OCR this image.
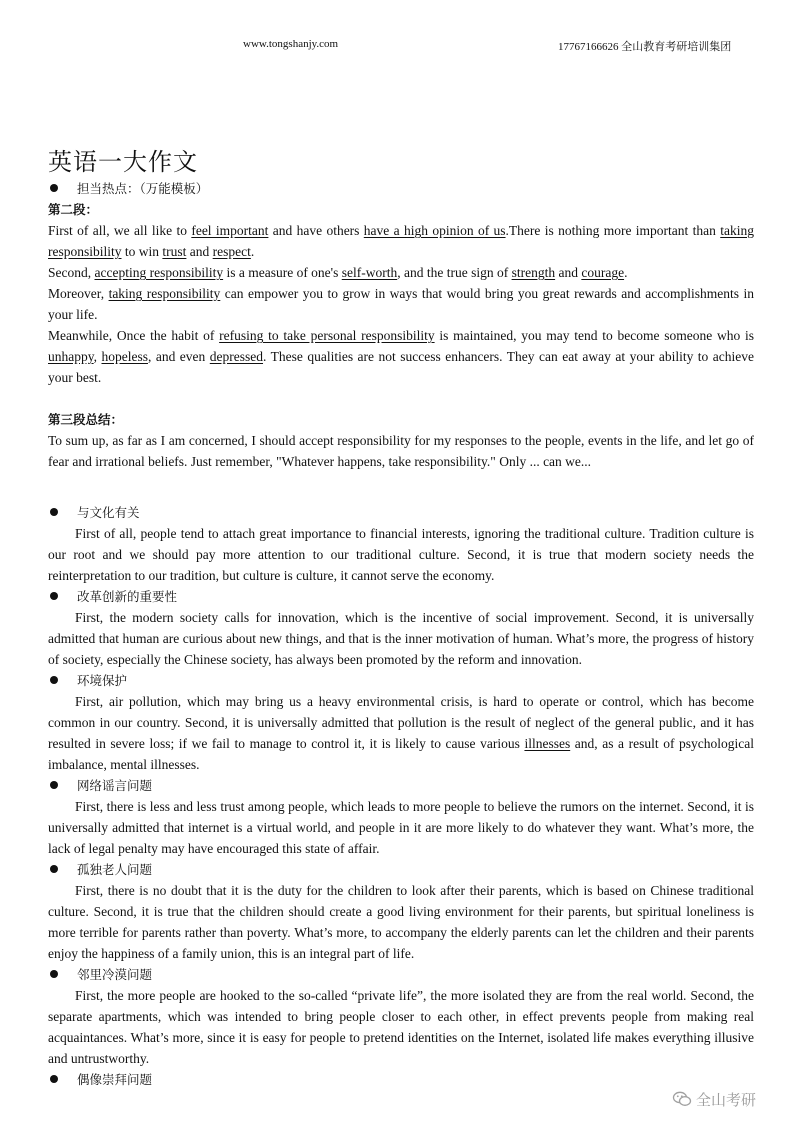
www.tongshanjy.com	17767166626 全山教育考研培训集团
英语一大作文
担当热点：（万能模板）
第二段：

First of all, we all like to feel important and have others have a high opinion of us.There is nothing more important than taking responsibility to win trust and respect.

Second, accepting responsibility is a measure of one's self-worth, and the true sign of strength and courage.

Moreover, taking responsibility can empower you to grow in ways that would bring you great rewards and accomplishments in your life.

Meanwhile, Once the habit of refusing to take personal responsibility is maintained, you may tend to become someone who is unhappy, hopeless, and even depressed. These qualities are not success enhancers. They can eat away at your ability to achieve your best.

第三段总结：

To sum up, as far as I am concerned, I should accept responsibility for my responses to the people, events in the life, and let go of fear and irrational beliefs. Just remember, "Whatever happens, take responsibility." Only ... can we...

与文化有关

First of all, people tend to attach great importance to financial interests, ignoring the traditional culture. Tradition culture is our root and we should pay more attention to our traditional culture. Second, it is true that modern society needs the reinterpretation to our tradition, but culture is culture, it cannot serve the economy.

改革创新的重要性

First, the modern society calls for innovation, which is the incentive of social improvement. Second, it is universally admitted that human are curious about new things, and that is the inner motivation of human. What’s more, the progress of history of society, especially the Chinese society, has always been promoted by the reform and innovation.

环境保护

First, air pollution, which may bring us a heavy environmental crisis, is hard to operate or control, which has become common in our country. Second, it is universally admitted that pollution is the result of neglect of the general public, and it has resulted in severe loss; if we fail to manage to control it, it is likely to cause various illnesses and, as a result of psychological imbalance, mental illnesses.

网络谣言问题

First, there is less and less trust among people, which leads to more people to believe the rumors on the internet. Second, it is universally admitted that internet is a virtual world, and people in it are more likely to do whatever they want. What’s more, the lack of legal penalty may have encouraged this state of affair.

孤独老人问题

First, there is no doubt that it is the duty for the children to look after their parents, which is based on Chinese traditional culture. Second, it is true that the children should create a good living environment for their parents, but spiritual loneliness is more terrible for parents rather than poverty. What’s more, to accompany the elderly parents can let the children and their parents enjoy the happiness of a family union, this is an integral part of life.

邻里冷漠问题

First, the more people are hooked to the so-called “private life”, the more isolated they are from the real world. Second, the separate apartments, which was intended to bring people closer to each other, in effect prevents people from making real acquaintances. What’s more, since it is easy for people to pretend identities on the Internet, isolated life makes everything illusive and untrustworthy.

偶像崇拜问题
全山考研
